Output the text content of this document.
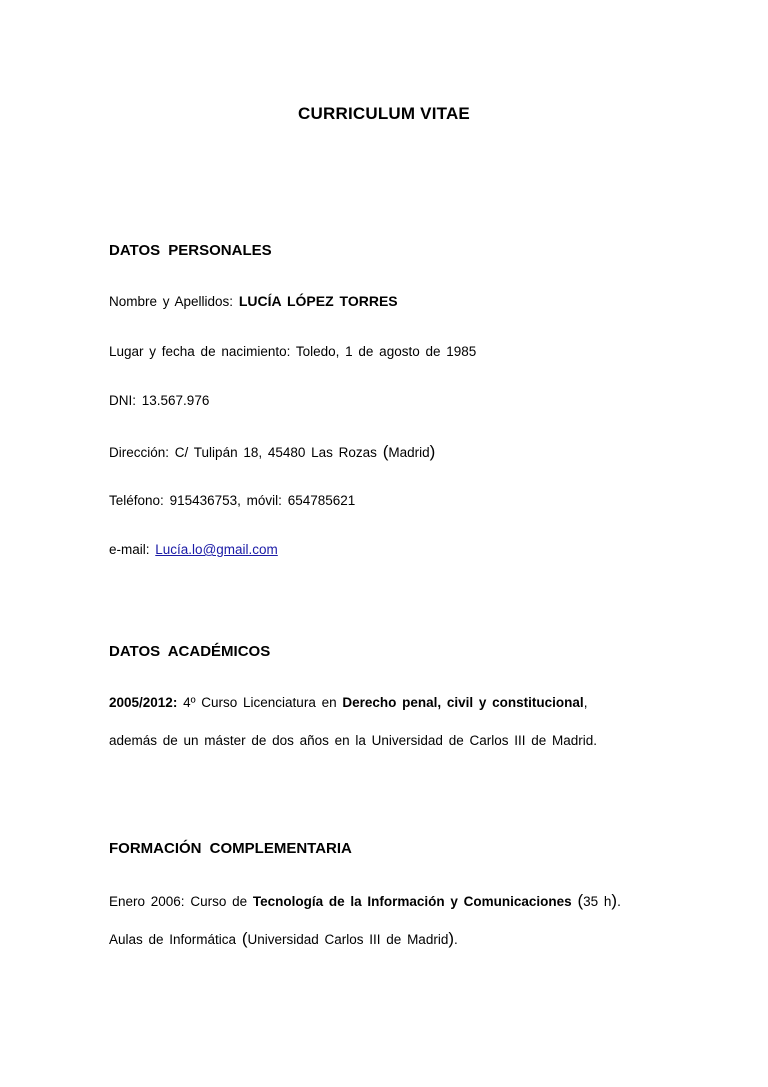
CURRICULUM VITAE
DATOS PERSONALES
Nombre y Apellidos: LUCÍA LÓPEZ TORRES
Lugar y fecha de nacimiento: Toledo, 1 de agosto de 1985
DNI: 13.567.976
Dirección: C/ Tulipán 18, 45480 Las Rozas (Madrid)
Teléfono: 915436753, móvil: 654785621
e-mail: Lucía.lo@gmail.com
DATOS ACADÉMICOS
2005/2012: 4º Curso Licenciatura en Derecho penal, civil y constitucional,
además de un máster de dos años en la Universidad de Carlos III de Madrid.
FORMACIÓN COMPLEMENTARIA
Enero 2006: Curso de Tecnología de la Información y Comunicaciones (35 h).
Aulas de Informática (Universidad Carlos III de Madrid).
